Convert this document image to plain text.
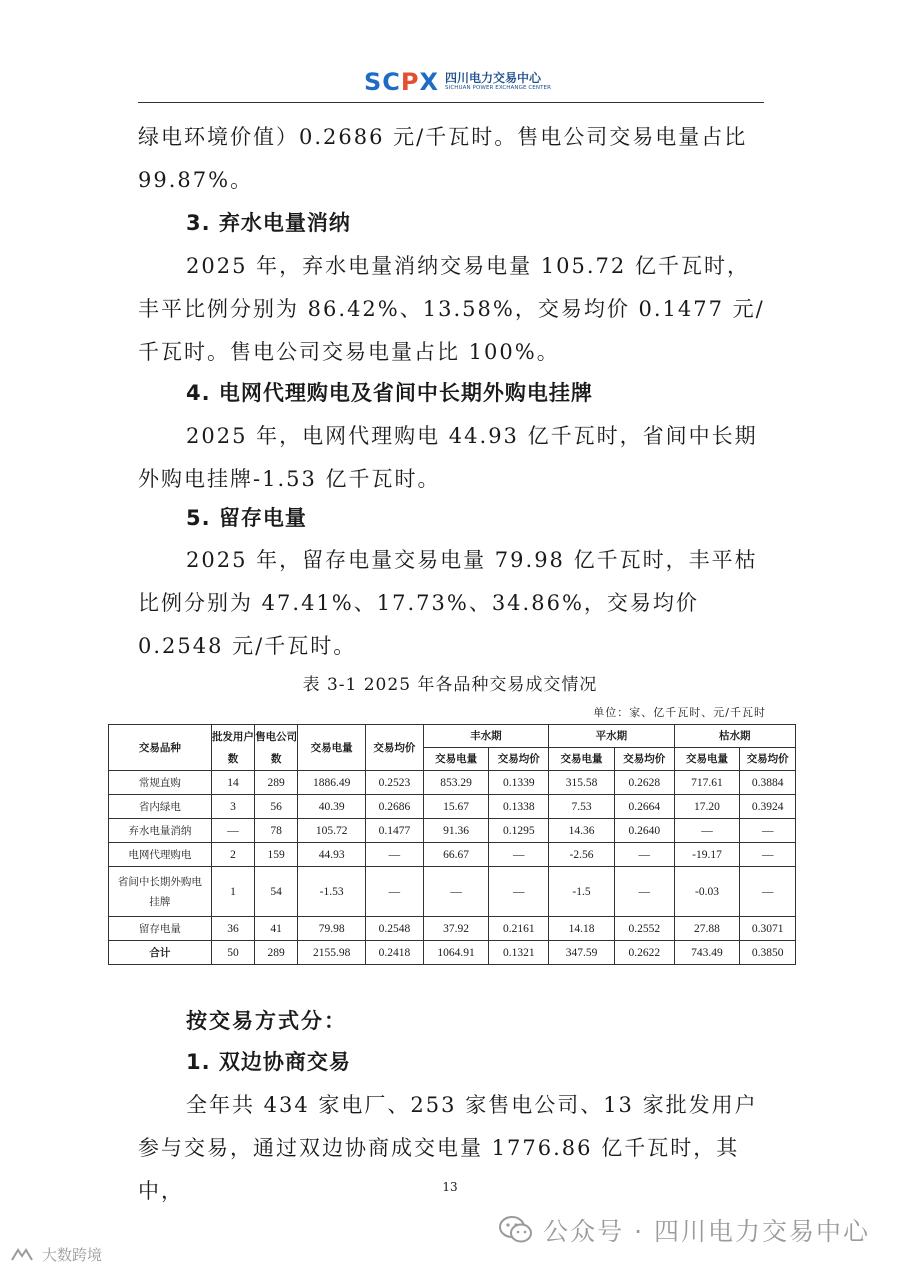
SCPX 四川电力交易中心
SICHUAN POWER EXCHANGE CENTER

绿电环境价值）0.2686 元/千瓦时。售电公司交易电量占比 99.87%。

3. 弃水电量消纳

2025 年，弃水电量消纳交易电量 105.72 亿千瓦时，丰平比例分别为 86.42%、13.58%，交易均价 0.1477 元/千瓦时。售电公司交易电量占比 100%。

4. 电网代理购电及省间中长期外购电挂牌

2025 年，电网代理购电 44.93 亿千瓦时，省间中长期外购电挂牌-1.53 亿千瓦时。

5. 留存电量

2025 年，留存电量交易电量 79.98 亿千瓦时，丰平枯比例分别为 47.41%、17.73%、34.86%，交易均价 0.2548 元/千瓦时。

表 3-1 2025 年各品种交易成交情况
单位：家、亿千瓦时、元/千瓦时
交易品种	批发用户数	售电公司数	交易电量	交易均价	丰水期		平水期		枯水期	
					交易电量	交易均价	交易电量	交易均价	交易电量	交易均价
常规直购	14	289	1886.49	0.2523	853.29	0.1339	315.58	0.2628	717.61	0.3884
省内绿电	3	56	40.39	0.2686	15.67	0.1338	7.53	0.2664	17.20	0.3924
弃水电量消纳	—	78	105.72	0.1477	91.36	0.1295	14.36	0.2640	—	—
电网代理购电	2	159	44.93	—	66.67	—	-2.56	—	-19.17	—
省间中长期外购电挂牌	1	54	-1.53	—	—	—	-1.5	—	-0.03	—
留存电量	36	41	79.98	0.2548	37.92	0.2161	14.18	0.2552	27.88	0.3071
合计	50	289	2155.98	0.2418	1064.91	0.1321	347.59	0.2622	743.49	0.3850

按交易方式分：

1. 双边协商交易

全年共 434 家电厂、253 家售电公司、13 家批发用户参与交易，通过双边协商成交电量 1776.86 亿千瓦时，其中，	13
公众号 · 四川电力交易中心
大数跨境
